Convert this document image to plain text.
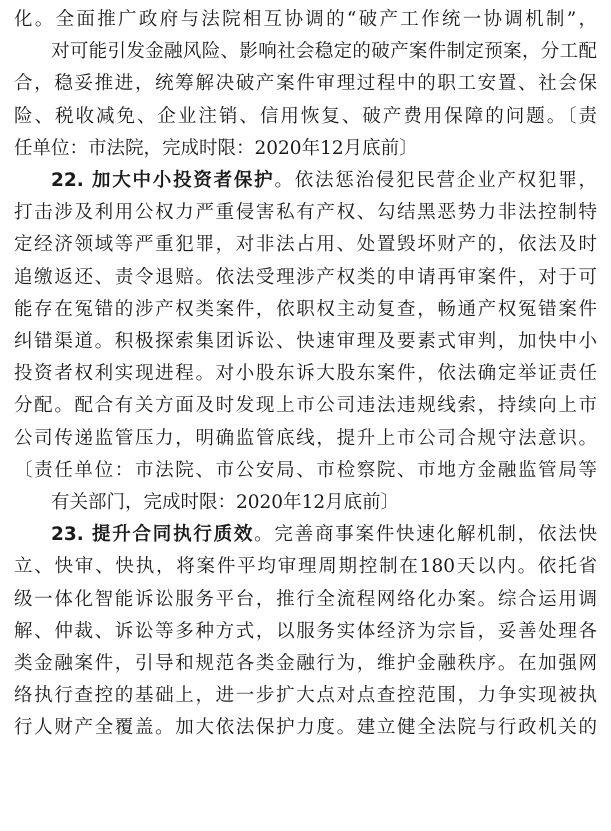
化。全面推广政府与法院相互协调的“破产工作统一协调机制”，
对可能引发金融风险、影响社会稳定的破产案件制定预案，分工配
合，稳妥推进，统筹解决破产案件审理过程中的职工安置、社会保
险、税收减免、企业注销、信用恢复、破产费用保障的问题。〔责
任单位：市法院，完成时限：2020年12月底前〕
22. 加大中小投资者保护。依法惩治侵犯民营企业产权犯罪，
打击涉及利用公权力严重侵害私有产权、勾结黑恶势力非法控制特
定经济领域等严重犯罪，对非法占用、处置毁坏财产的，依法及时
追缴返还、责令退赔。依法受理涉产权类的申请再审案件，对于可
能存在冤错的涉产权类案件，依职权主动复查，畅通产权冤错案件
纠错渠道。积极探索集团诉讼、快速审理及要素式审判，加快中小
投资者权利实现进程。对小股东诉大股东案件，依法确定举证责任
分配。配合有关方面及时发现上市公司违法违规线索，持续向上市
公司传递监管压力，明确监管底线，提升上市公司合规守法意识。
〔责任单位：市法院、市公安局、市检察院、市地方金融监管局等
有关部门，完成时限：2020年12月底前〕
23. 提升合同执行质效。完善商事案件快速化解机制，依法快
立、快审、快执，将案件平均审理周期控制在180天以内。依托省
级一体化智能诉讼服务平台，推行全流程网络化办案。综合运用调
解、仲裁、诉讼等多种方式，以服务实体经济为宗旨，妥善处理各
类金融案件，引导和规范各类金融行为，维护金融秩序。在加强网
络执行查控的基础上，进一步扩大点对点查控范围，力争实现被执
行人财产全覆盖。加大依法保护力度。建立健全法院与行政机关的
